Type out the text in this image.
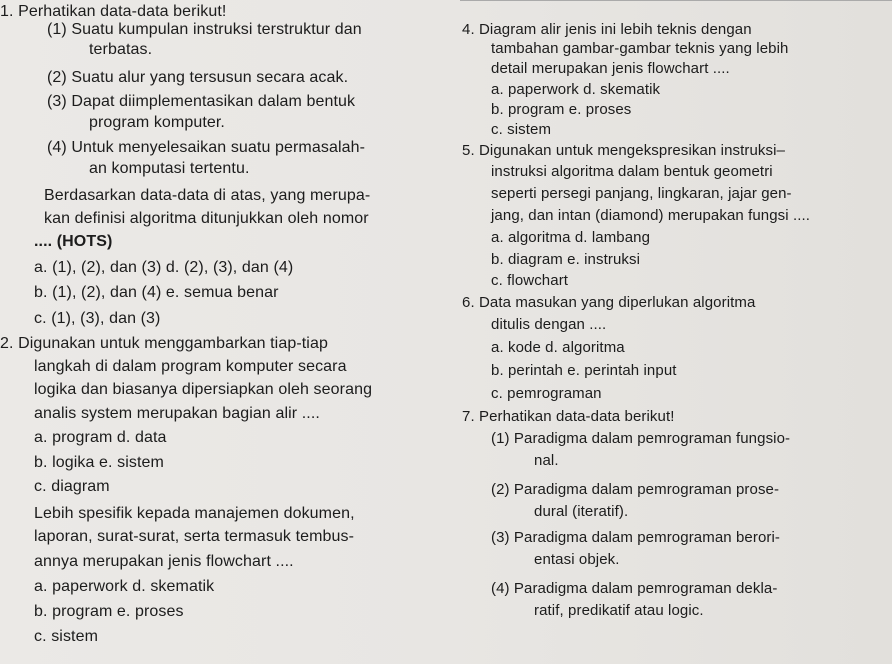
1. Perhatikan data-data berikut!

(1) Suatu kumpulan instruksi terstruktur dan

terbatas.

(2) Suatu alur yang tersusun secara acak.

(3) Dapat diimplementasikan dalam bentuk

program komputer.

(4) Untuk menyelesaikan suatu permasalah-

an komputasi tertentu.

Berdasarkan data-data di atas, yang merupa-

kan definisi algoritma ditunjukkan oleh nomor

.... (HOTS)

a. (1), (2), dan (3) d. (2), (3), dan (4)

b. (1), (2), dan (4) e. semua benar

c. (1), (3), dan (3)

2. Digunakan untuk menggambarkan tiap-tiap

langkah di dalam program komputer secara

logika dan biasanya dipersiapkan oleh seorang

analis system merupakan bagian alir ....

a. program d. data

b. logika e. sistem

c. diagram

Lebih spesifik kepada manajemen dokumen,

laporan, surat-surat, serta termasuk tembus-

annya merupakan jenis flowchart ....

a. paperwork d. skematik

b. program e. proses

c. sistem

4. Diagram alir jenis ini lebih teknis dengan

tambahan gambar-gambar teknis yang lebih

detail merupakan jenis flowchart ....

a. paperwork d. skematik

b. program e. proses

c. sistem

5. Digunakan untuk mengekspresikan instruksi–

instruksi algoritma dalam bentuk geometri

seperti persegi panjang, lingkaran, jajar gen-

jang, dan intan (diamond) merupakan fungsi ....

a. algoritma d. lambang

b. diagram e. instruksi

c. flowchart

6. Data masukan yang diperlukan algoritma

ditulis dengan ....

a. kode d. algoritma

b. perintah e. perintah input

c. pemrograman

7. Perhatikan data-data berikut!

(1) Paradigma dalam pemrograman fungsio-

nal.

(2) Paradigma dalam pemrograman prose-

dural (iteratif).

(3) Paradigma dalam pemrograman berori-

entasi objek.

(4) Paradigma dalam pemrograman dekla-

ratif, predikatif atau logic.
